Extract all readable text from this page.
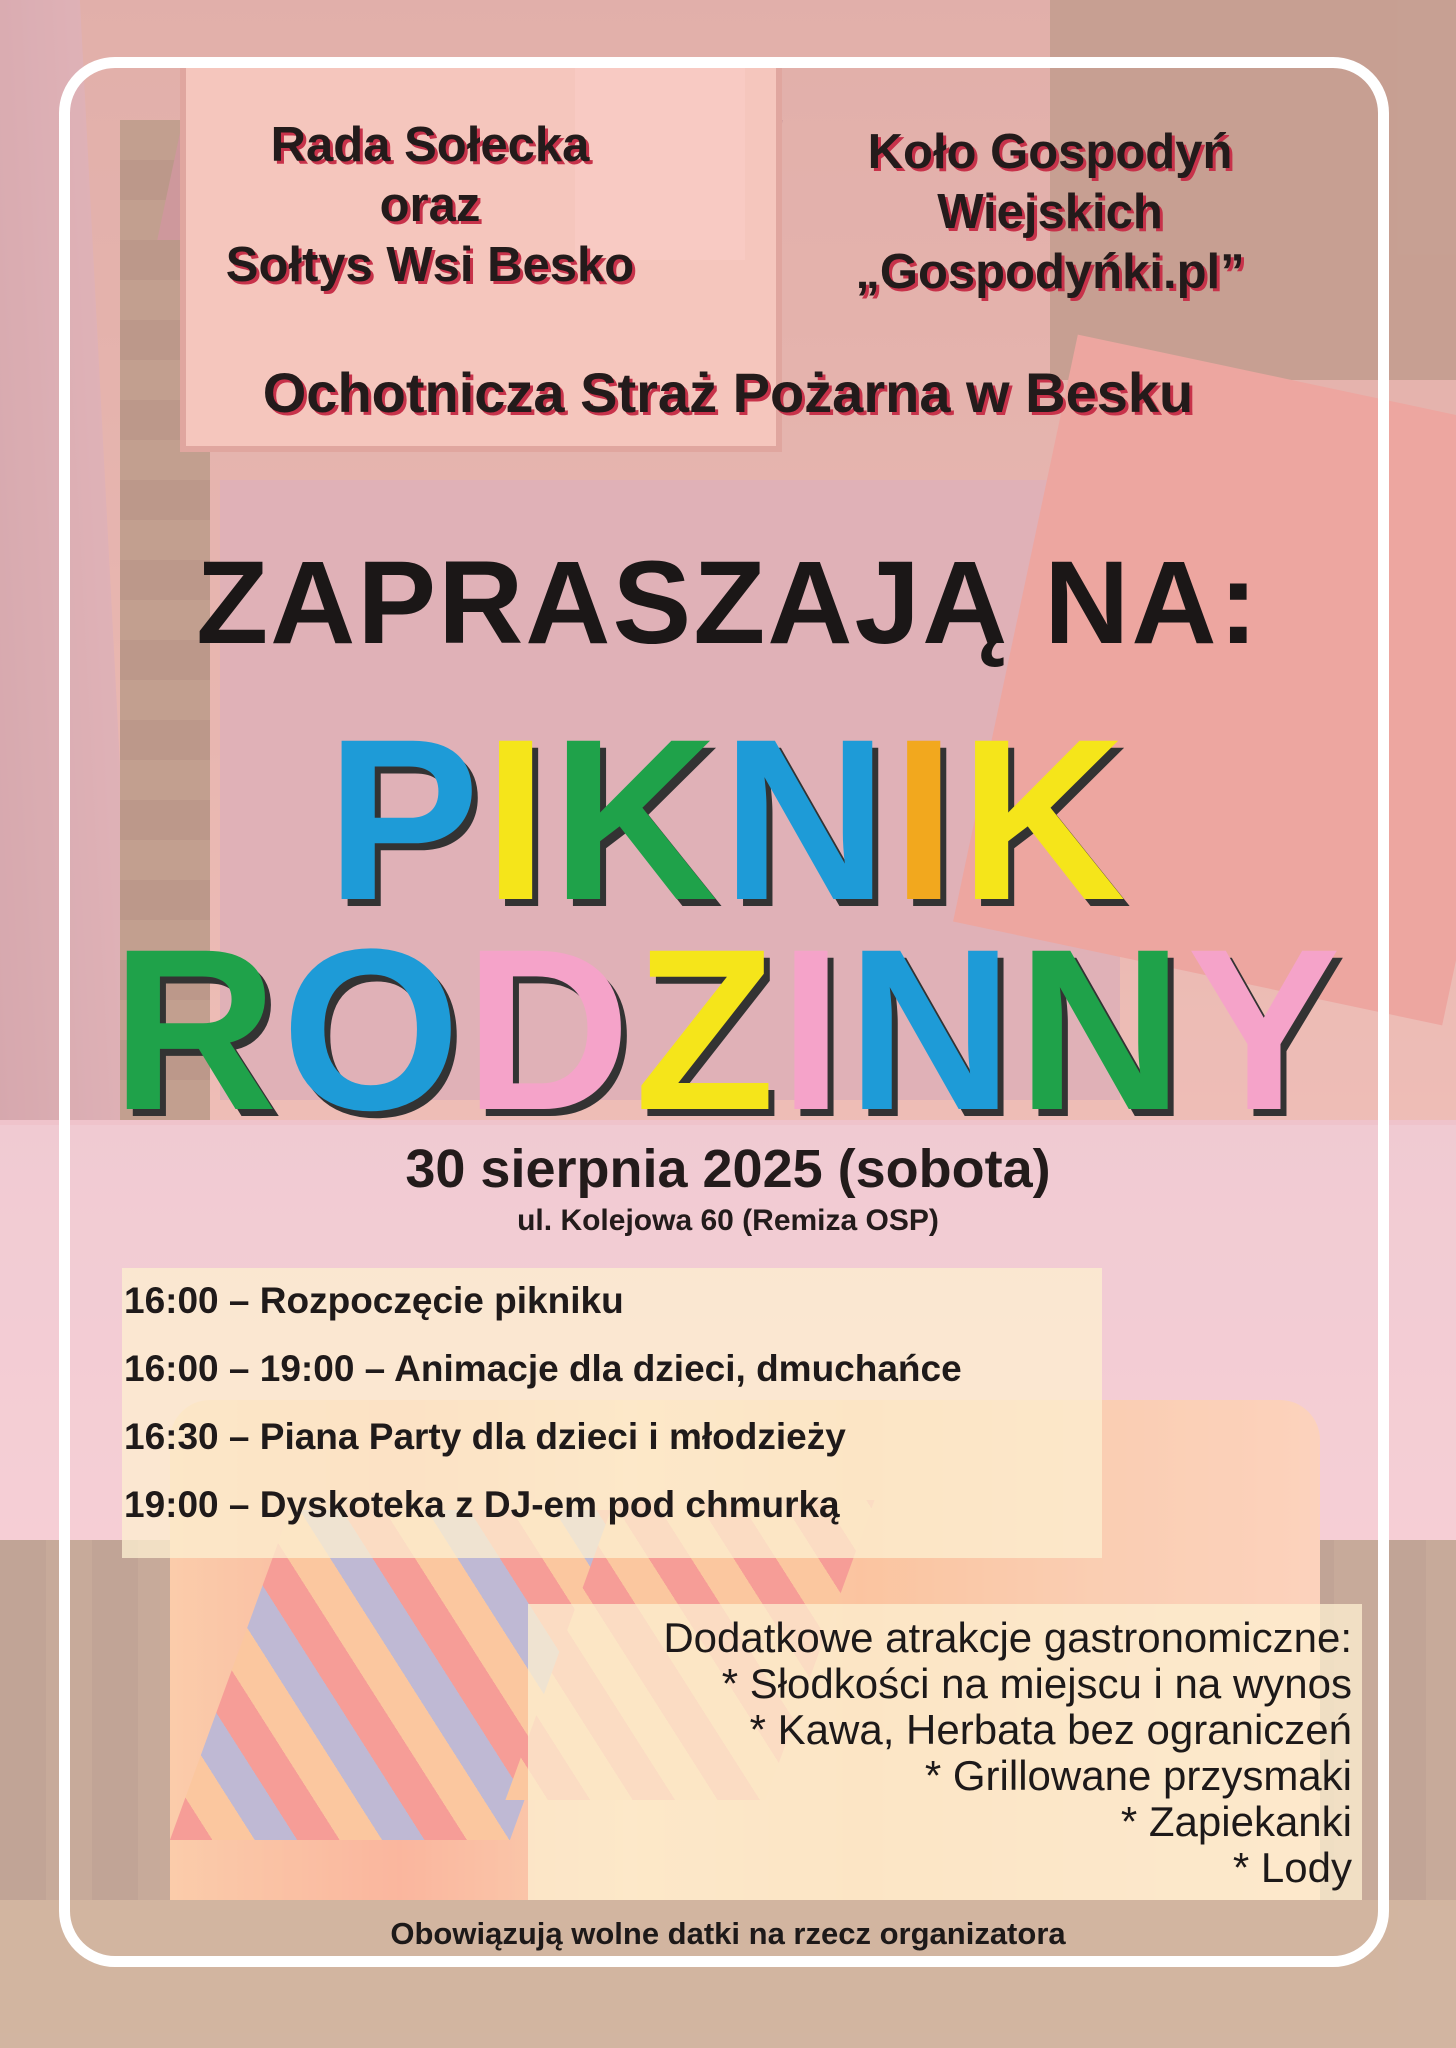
Rada Sołecka
oraz
Sołtys Wsi Besko
Koło Gospodyń
Wiejskich
„Gospodyńki.pl”
Ochotnicza Straż Pożarna w Besku
ZAPRASZAJĄ NA:
PIKNIK
RODZINNY
30 sierpnia 2025 (sobota)
ul. Kolejowa 60 (Remiza OSP)
16:00 – Rozpoczęcie pikniku
16:00 – 19:00 – Animacje dla dzieci, dmuchańce
16:30 – Piana Party dla dzieci i młodzieży
19:00 – Dyskoteka z DJ-em pod chmurką

Dodatkowe atrakcje gastronomiczne:

* Słodkości na miejscu i na wynos

* Kawa, Herbata bez ograniczeń

* Grillowane przysmaki

* Zapiekanki

* Lody

Obowiązują wolne datki na rzecz organizatora
